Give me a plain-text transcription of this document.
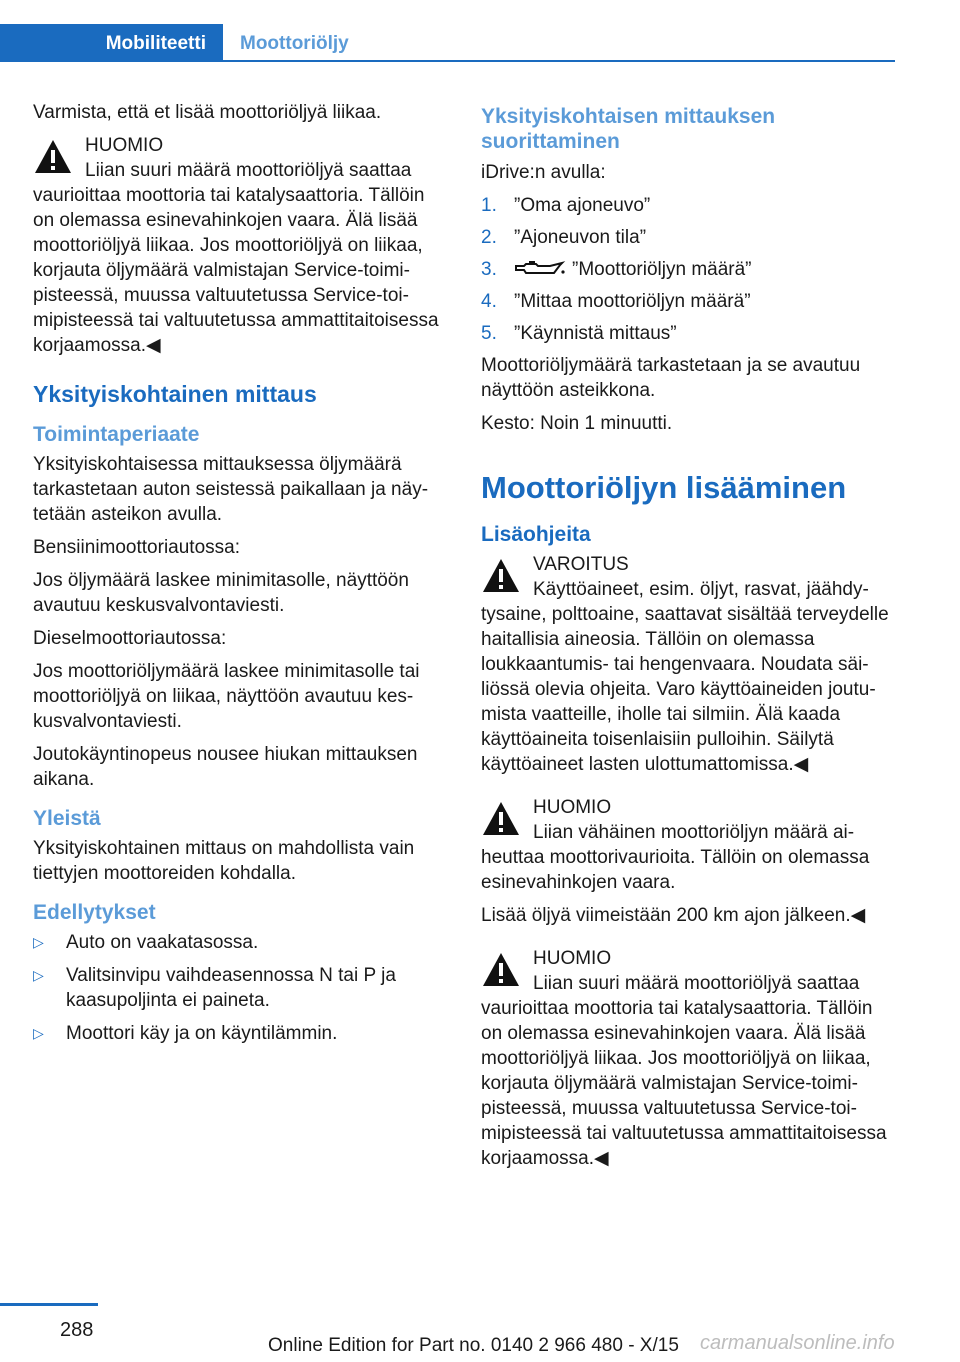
Mobiliteetti	Moottoriöljy

Varmista, että et lisää moottoriöljyä liikaa.

HUOMIO
Liian suuri määrä moottoriöljyä saattaa vaurioittaa moottoria tai katalysaattoria. Tällöin on olemassa esinevahinkojen vaara. Älä lisää moottoriöljyä liikaa. Jos moottoriöljyä on liikaa, korjauta öljymäärä valmistajan Service-toimipisteessä, muussa valtuutetussa Service-toimipisteessä tai valtuutetussa ammattitaitoisessa korjaamossa.◀
Yksityiskohtainen mittaus
Toimintaperiaate

Yksityiskohtaisessa mittauksessa öljymäärä tarkastetaan auton seistessä paikallaan ja näytetään asteikon avulla.

Bensiinimoottoriautossa:

Jos öljymäärä laskee minimitasolle, näyttöön avautuu keskusvalvontaviesti.

Dieselmoottoriautossa:

Jos moottoriöljymäärä laskee minimitasolle tai moottoriöljyä on liikaa, näyttöön avautuu keskusvalvontaviesti.

Joutokäyntinopeus nousee hiukan mittauksen aikana.

Yleistä

Yksityiskohtainen mittaus on mahdollista vain tiettyjen moottoreiden kohdalla.

Edellytykset
▷ Auto on vaakatasossa.
▷ Valitsinvipu vaihdeasennossa N tai P ja kaasupoljinta ei paineta.
▷ Moottori käy ja on käyntilämmin.
Yksityiskohtaisen mittauksen suorittaminen

iDrive:n avulla:

1. ”Oma ajoneuvo”
2. ”Ajoneuvon tila”
3.	”Moottoriöljyn määrä”
4. ”Mittaa moottoriöljyn määrä”
5. ”Käynnistä mittaus”

Moottoriöljymäärä tarkastetaan ja se avautuu näyttöön asteikkona.

Kesto: Noin 1 minuutti.

Moottoriöljyn lisääminen
Lisäohjeita
VAROITUS
Käyttöaineet, esim. öljyt, rasvat, jäähdytysaine, polttoaine, saattavat sisältää terveydelle haitallisia aineosia. Tällöin on olemassa loukkaantumis- tai hengenvaara. Noudata säiliössä olevia ohjeita. Varo käyttöaineiden joutumista vaatteille, iholle tai silmiin. Älä kaada käyttöaineita toisenlaisiin pulloihin. Säilytä käyttöaineet lasten ulottumattomissa.◀
HUOMIO
Liian vähäinen moottoriöljyn määrä aiheuttaa moottorivaurioita. Tällöin on olemassa esinevahinkojen vaara.

Lisää öljyä viimeistään 200 km ajon jälkeen.◀

HUOMIO
Liian suuri määrä moottoriöljyä saattaa vaurioittaa moottoria tai katalysaattoria. Tällöin on olemassa esinevahinkojen vaara. Älä lisää moottoriöljyä liikaa. Jos moottoriöljyä on liikaa, korjauta öljymäärä valmistajan Service-toimipisteessä, muussa valtuutetussa Service-toimipisteessä tai valtuutetussa ammattitaitoisessa korjaamossa.◀
288
Online Edition for Part no. 0140 2 966 480 - X/15 carmanualsonline.info
